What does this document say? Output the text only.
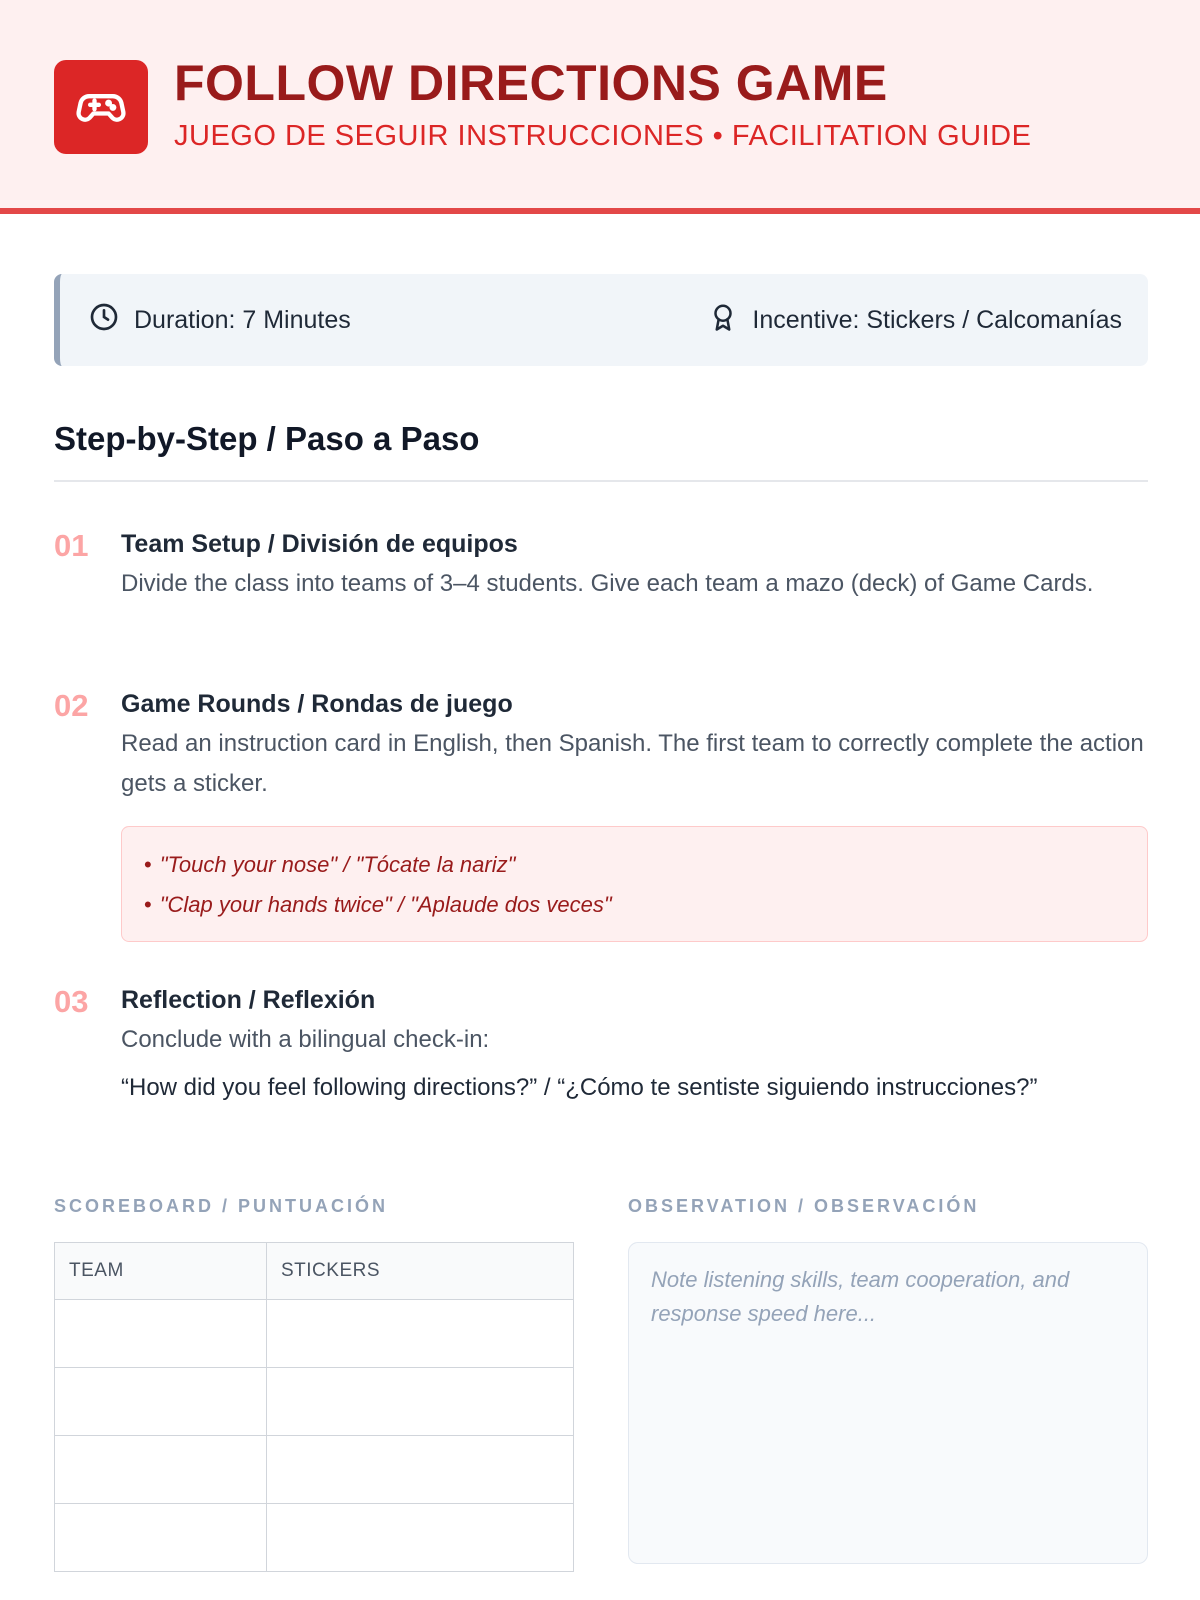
FOLLOW DIRECTIONS GAME
JUEGO DE SEGUIR INSTRUCCIONES • FACILITATION GUIDE
Duration: 7 Minutes	Incentive: Stickers / Calcomanías
Step-by-Step / Paso a Paso
01 Team Setup / División de equipos
Divide the class into teams of 3–4 students. Give each team a mazo (deck) of Game Cards.
02 Game Rounds / Rondas de juego
Read an instruction card in English, then Spanish. The first team to correctly complete the action gets a sticker.
• "Touch your nose" / "Tócate la nariz"
• "Clap your hands twice" / "Aplaude dos veces"
03 Reflection / Reflexión
Conclude with a bilingual check-in:
“How did you feel following directions?” / “¿Cómo te sentiste siguiendo instrucciones?”
SCOREBOARD / PUNTUACIÓN
TEAM	STICKERS

OBSERVATION / OBSERVACIÓN
Note listening skills, team cooperation, and response speed here...
